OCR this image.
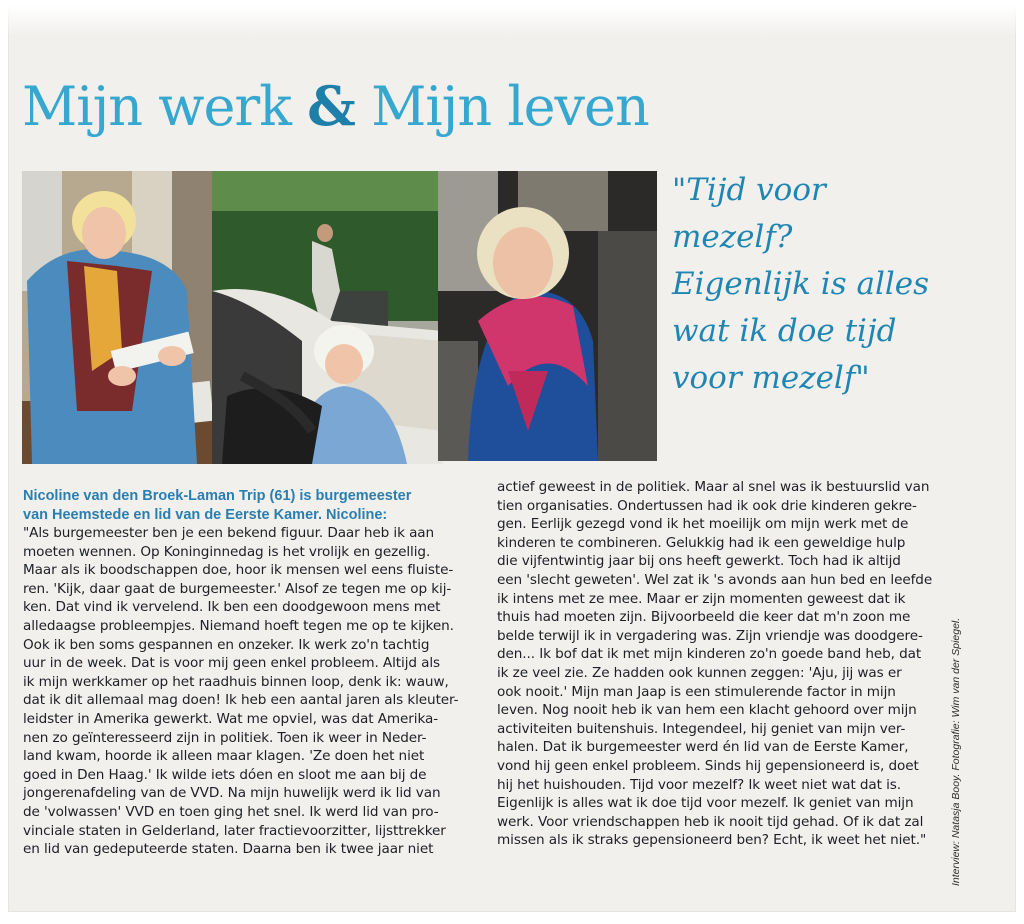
Mijn werk & Mijn leven
"Tijd voor
mezelf?
Eigenlijk is alles
wat ik doe tijd
voor mezelf"
Nicoline van den Broek-Laman Trip (61) is burgemeester
van Heemstede en lid van de Eerste Kamer. Nicoline:
"Als burgemeester ben je een bekend figuur. Daar heb ik aan
moeten wennen. Op Koninginnedag is het vrolijk en gezellig.
Maar als ik boodschappen doe, hoor ik mensen wel eens fluiste-
ren. 'Kijk, daar gaat de burgemeester.' Alsof ze tegen me op kij-
ken. Dat vind ik vervelend. Ik ben een doodgewoon mens met
alledaagse probleempjes. Niemand hoeft tegen me op te kijken.
Ook ik ben soms gespannen en onzeker. Ik werk zo'n tachtig
uur in de week. Dat is voor mij geen enkel probleem. Altijd als
ik mijn werkkamer op het raadhuis binnen loop, denk ik: wauw,
dat ik dit allemaal mag doen! Ik heb een aantal jaren als kleuter-
leidster in Amerika gewerkt. Wat me opviel, was dat Amerika-
nen zo geïnteresseerd zijn in politiek. Toen ik weer in Neder-
land kwam, hoorde ik alleen maar klagen. 'Ze doen het niet
goed in Den Haag.' Ik wilde iets dóen en sloot me aan bij de
jongerenafdeling van de VVD. Na mijn huwelijk werd ik lid van
de 'volwassen' VVD en toen ging het snel. Ik werd lid van pro-
vinciale staten in Gelderland, later fractievoorzitter, lijsttrekker
en lid van gedeputeerde staten. Daarna ben ik twee jaar niet
actief geweest in de politiek. Maar al snel was ik bestuurslid van
tien organisaties. Ondertussen had ik ook drie kinderen gekre-
gen. Eerlijk gezegd vond ik het moeilijk om mijn werk met de
kinderen te combineren. Gelukkig had ik een geweldige hulp
die vijfentwintig jaar bij ons heeft gewerkt. Toch had ik altijd
een 'slecht geweten'. Wel zat ik 's avonds aan hun bed en leefde
ik intens met ze mee. Maar er zijn momenten geweest dat ik
thuis had moeten zijn. Bijvoorbeeld die keer dat m'n zoon me
belde terwijl ik in vergadering was. Zijn vriendje was doodgere-
den... Ik bof dat ik met mijn kinderen zo'n goede band heb, dat
ik ze veel zie. Ze hadden ook kunnen zeggen: 'Aju, jij was er
ook nooit.' Mijn man Jaap is een stimulerende factor in mijn
leven. Nog nooit heb ik van hem een klacht gehoord over mijn
activiteiten buitenshuis. Integendeel, hij geniet van mijn ver-
halen. Dat ik burgemeester werd én lid van de Eerste Kamer,
vond hij geen enkel probleem. Sinds hij gepensioneerd is, doet
hij het huishouden. Tijd voor mezelf? Ik weet niet wat dat is.
Eigenlijk is alles wat ik doe tijd voor mezelf. Ik geniet van mijn
werk. Voor vriendschappen heb ik nooit tijd gehad. Of ik dat zal
missen als ik straks gepensioneerd ben? Echt, ik weet het niet."	Interview: Natasja Booy. Fotografie: Wim van der Spiegel.
